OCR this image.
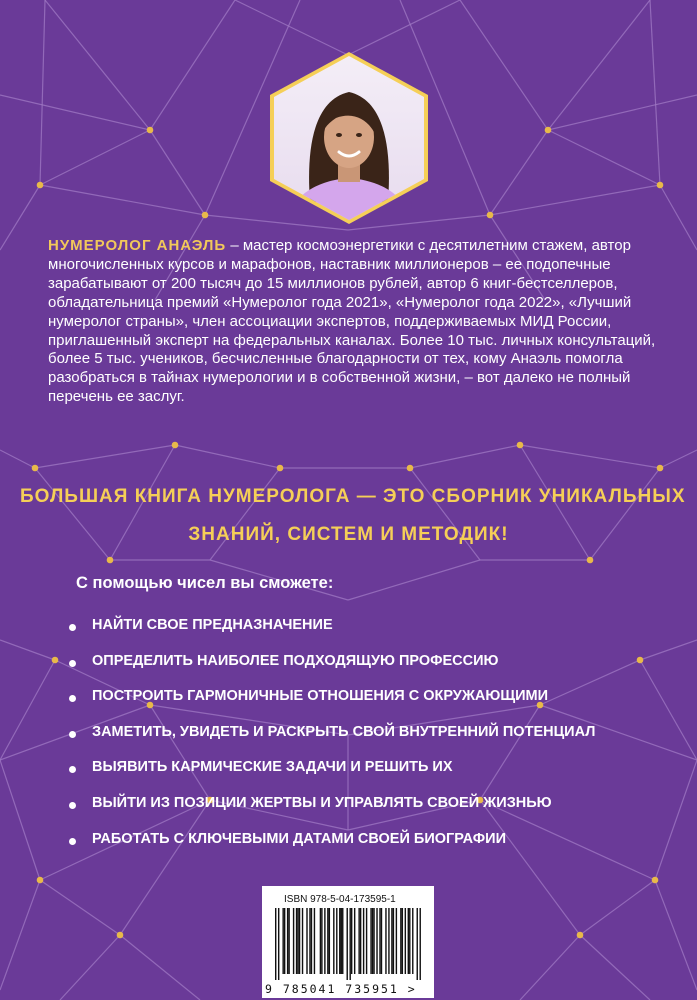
НУМЕРОЛОГ АНАЭЛЬ – мастер космоэнергетики с десятилетним стажем, автор многочисленных курсов и марафонов, наставник миллионеров – ее подопечные зарабатывают от 200 тысяч до 15 миллионов рублей, автор 6 книг-бестселлеров, обладательница премий «Нумеролог года 2021», «Нумеролог года 2022», «Лучший нумеролог страны», член ассоциации экспертов, поддерживаемых МИД России, приглашенный эксперт на федеральных каналах. Более 10 тыс. личных консультаций, более 5 тыс. учеников, бесчисленные благодарности от тех, кому Анаэль помогла разобраться в тайнах нумерологии и в собственной жизни, – вот далеко не полный перечень ее заслуг.

БОЛЬШАЯ КНИГА НУМЕРОЛОГА — ЭТО СБОРНИК УНИКАЛЬНЫХ
ЗНАНИЙ, СИСТЕМ И МЕТОДИК!

С помощью чисел вы сможете:

НАЙТИ СВОЕ ПРЕДНАЗНАЧЕНИЕ
ОПРЕДЕЛИТЬ НАИБОЛЕЕ ПОДХОДЯЩУЮ ПРОФЕССИЮ
ПОСТРОИТЬ ГАРМОНИЧНЫЕ ОТНОШЕНИЯ С ОКРУЖАЮЩИМИ
ЗАМЕТИТЬ, УВИДЕТЬ И РАСКРЫТЬ СВОЙ ВНУТРЕННИЙ ПОТЕНЦИАЛ
ВЫЯВИТЬ КАРМИЧЕСКИЕ ЗАДАЧИ И РЕШИТЬ ИХ
ВЫЙТИ ИЗ ПОЗИЦИИ ЖЕРТВЫ И УПРАВЛЯТЬ СВОЕЙ ЖИЗНЬЮ
РАБОТАТЬ С КЛЮЧЕВЫМИ ДАТАМИ СВОЕЙ БИОГРАФИИ
ISBN 978-5-04-173595-1
9 785041 735951 >
